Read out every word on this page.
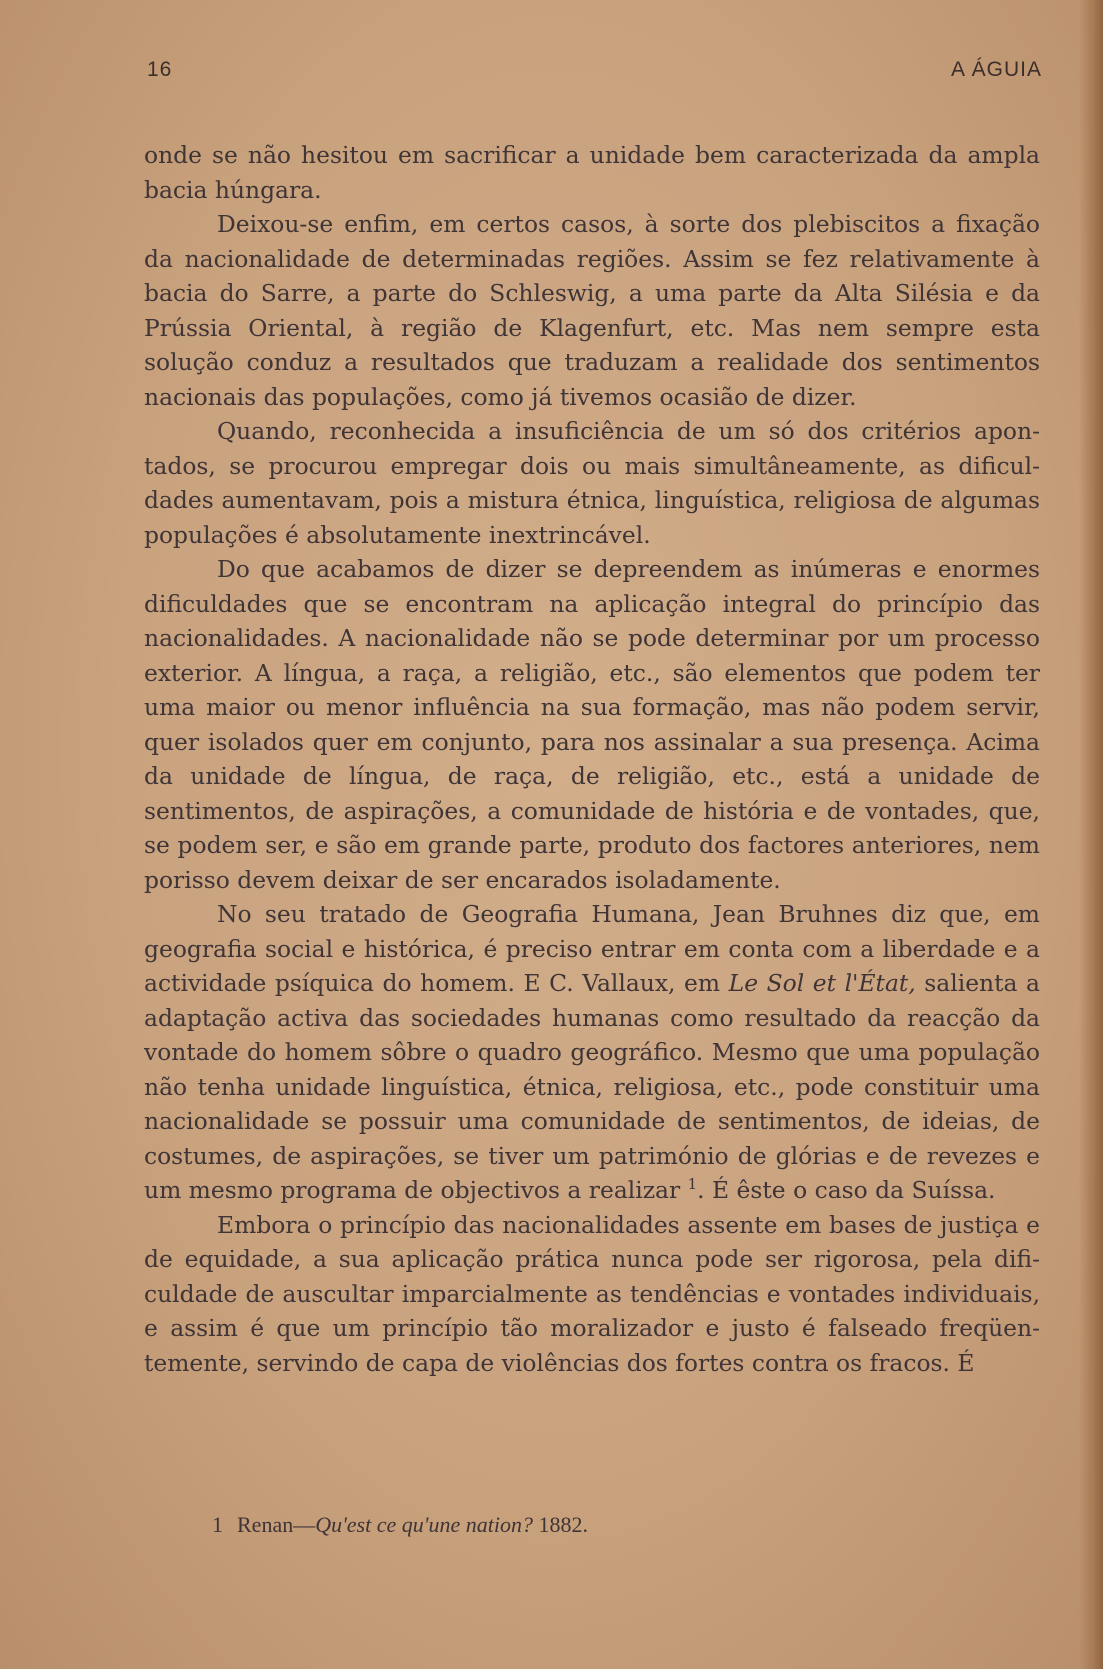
16	A ÁGUIA

onde se não hesitou em sacrificar a unidade bem caracterizada da ampla bacia húngara.

Deixou-se enfim, em certos casos, à sorte dos plebiscitos a fixação da nacionalidade de determinadas regiões. Assim se fez relativamente à bacia do Sarre, a parte do Schleswig, a uma parte da Alta Silésia e da Prússia Oriental, à região de Klagenfurt, etc. Mas nem sempre esta solução conduz a resultados que traduzam a realidade dos sentimentos nacionais das populações, como já tivemos ocasião de dizer.

Quando, reconhecida a insuficiência de um só dos critérios apontados, se procurou empregar dois ou mais simultâneamente, as dificuldades aumentavam, pois a mistura étnica, linguística, religiosa de algumas populações é absolutamente inextrincável.

Do que acabamos de dizer se depreendem as inúmeras e enormes dificuldades que se encontram na aplicação integral do princípio das nacionalidades. A nacionalidade não se pode determinar por um processo exterior. A língua, a raça, a religião, etc., são elementos que podem ter uma maior ou menor influência na sua formação, mas não podem servir, quer isolados quer em conjunto, para nos assinalar a sua presença. Acima da unidade de língua, de raça, de religião, etc., está a unidade de sentimentos, de aspirações, a comunidade de história e de vontades, que, se podem ser, e são em grande parte, produto dos factores anteriores, nem porisso devem deixar de ser encarados isoladamente.

No seu tratado de Geografia Humana, Jean Bruhnes diz que, em geografia social e histórica, é preciso entrar em conta com a liberdade e a actividade psíquica do homem. E C. Vallaux, em Le Sol et l'État, salienta a adaptação activa das sociedades humanas como resultado da reacção da vontade do homem sôbre o quadro geográfico. Mesmo que uma população não tenha unidade linguística, étnica, religiosa, etc., pode constituir uma nacionalidade se possuir uma comunidade de sentimentos, de ideias, de costumes, de aspirações, se tiver um património de glórias e de revezes e um mesmo programa de objectivos a realizar $^1$. É êste o caso da Suíssa.

Embora o princípio das nacionalidades assente em bases de justiça e de equidade, a sua aplicação prática nunca pode ser rigorosa, pela dificuldade de auscultar imparcialmente as tendências e vontades individuais, e assim é que um princípio tão moralizador e justo é falseado freqüentemente, servindo de capa de violências dos fortes contra os fracos. É

1 Renan—Qu'est ce qu'une nation? 1882.
